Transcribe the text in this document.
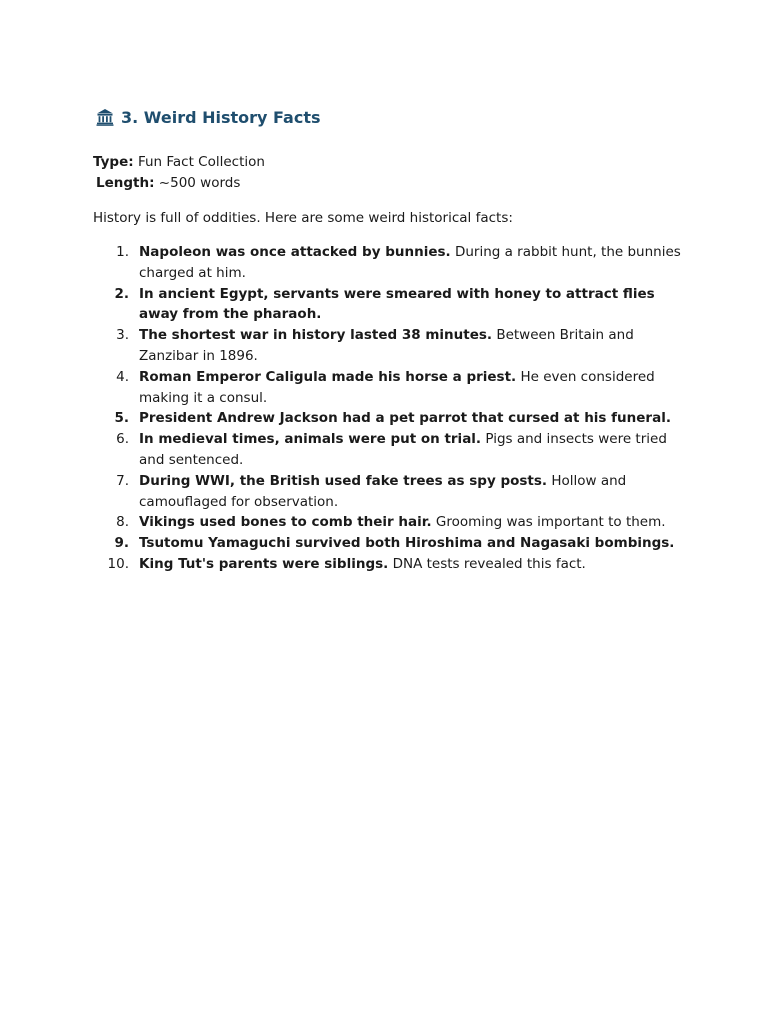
3. Weird History Facts

Type: Fun Fact Collection

Length: ~500 words

History is full of oddities. Here are some weird historical facts:

1. Napoleon was once attacked by bunnies. During a rabbit hunt, the bunnies charged at him.
2. In ancient Egypt, servants were smeared with honey to attract flies away from the pharaoh.
3. The shortest war in history lasted 38 minutes. Between Britain and Zanzibar in 1896.
4. Roman Emperor Caligula made his horse a priest. He even considered making it a consul.
5. President Andrew Jackson had a pet parrot that cursed at his funeral.
6. In medieval times, animals were put on trial. Pigs and insects were tried and sentenced.
7. During WWI, the British used fake trees as spy posts. Hollow and camouflaged for observation.
8. Vikings used bones to comb their hair. Grooming was important to them.
9. Tsutomu Yamaguchi survived both Hiroshima and Nagasaki bombings.
10. King Tut's parents were siblings. DNA tests revealed this fact.
